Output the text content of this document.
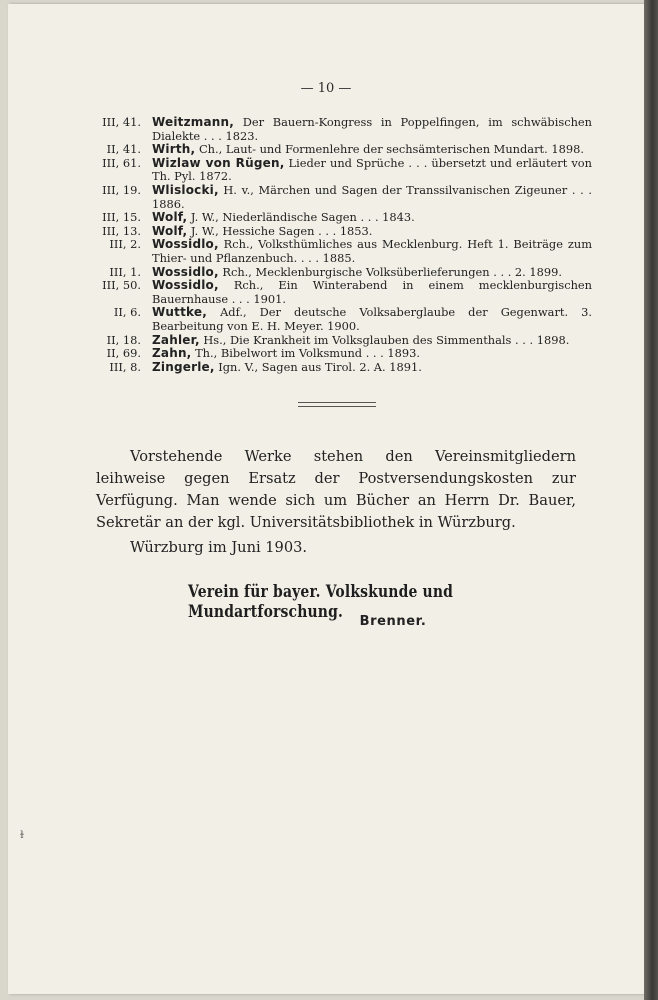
— 10 —
III, 41. Weitzmann, Der Bauern-Kongress in Poppelfingen, im schwäbischen Dialekte . . . 1823.
II, 41. Wirth, Ch., Laut- und Formenlehre der sechsämterischen Mundart. 1898.
III, 61. Wizlaw von Rügen, Lieder und Sprüche . . . übersetzt und erläutert von Th. Pyl. 1872.
III, 19. Wlislocki, H. v., Märchen und Sagen der Transsilvanischen Zigeuner . . . 1886.
III, 15. Wolf, J. W., Niederländische Sagen . . . 1843.
III, 13. Wolf, J. W., Hessiche Sagen . . . 1853.
III, 2. Wossidlo, Rch., Volksthümliches aus Mecklenburg. Heft 1. Beiträge zum Thier- und Pflanzenbuch. . . . 1885.
III, 1. Wossidlo, Rch., Mecklenburgische Volksüberlieferungen . . . 2. 1899.
III, 50. Wossidlo, Rch., Ein Winterabend in einem mecklenburgischen Bauernhause . . . 1901.
II, 6. Wuttke, Adf., Der deutsche Volksaberglaube der Gegenwart. 3. Bearbeitung von E. H. Meyer. 1900.
II, 18. Zahler, Hs., Die Krankheit im Volksglauben des Simmenthals . . . 1898.
II, 69. Zahn, Th., Bibelwort im Volksmund . . . 1893.
III, 8. Zingerle, Ign. V., Sagen aus Tirol. 2. A. 1891.
Vorstehende Werke stehen den Vereinsmitgliedern leihweise gegen Ersatz der Postversendungskosten zur Verfügung. Man wende sich um Bücher an Herrn Dr. Bauer, Sekretär an der kgl. Universitätsbibliothek in Würzburg.
Würzburg im Juni 1903.
Verein für bayer. Volkskunde und Mundartforschung.	Brenner.
ɫ
